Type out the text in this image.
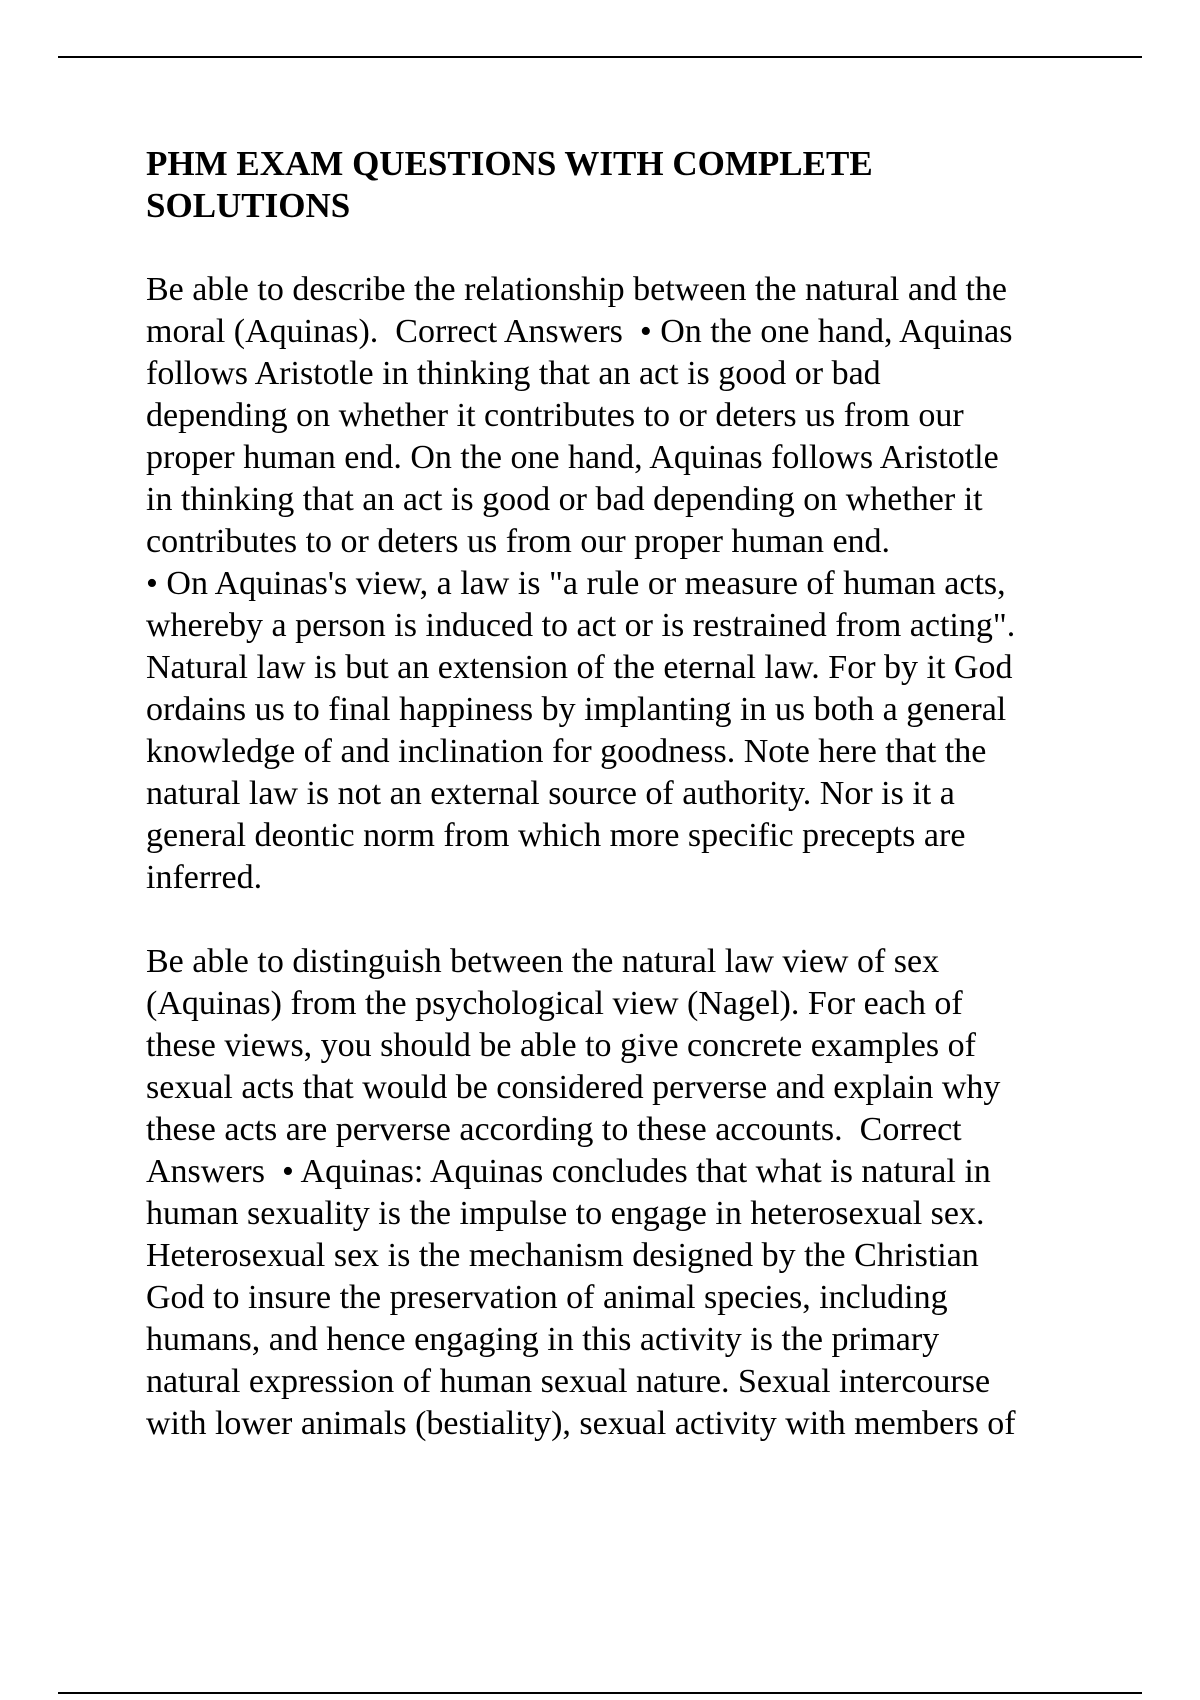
PHM EXAM QUESTIONS WITH COMPLETE
SOLUTIONS

Be able to describe the relationship between the natural and the
moral (Aquinas).  Correct Answers  • On the one hand, Aquinas
follows Aristotle in thinking that an act is good or bad
depending on whether it contributes to or deters us from our
proper human end. On the one hand, Aquinas follows Aristotle
in thinking that an act is good or bad depending on whether it
contributes to or deters us from our proper human end.
• On Aquinas's view, a law is "a rule or measure of human acts,
whereby a person is induced to act or is restrained from acting".
Natural law is but an extension of the eternal law. For by it God
ordains us to final happiness by implanting in us both a general
knowledge of and inclination for goodness. Note here that the
natural law is not an external source of authority. Nor is it a
general deontic norm from which more specific precepts are
inferred.

Be able to distinguish between the natural law view of sex
(Aquinas) from the psychological view (Nagel). For each of
these views, you should be able to give concrete examples of
sexual acts that would be considered perverse and explain why
these acts are perverse according to these accounts.  Correct
Answers  • Aquinas: Aquinas concludes that what is natural in
human sexuality is the impulse to engage in heterosexual sex.
Heterosexual sex is the mechanism designed by the Christian
God to insure the preservation of animal species, including
humans, and hence engaging in this activity is the primary
natural expression of human sexual nature. Sexual intercourse
with lower animals (bestiality), sexual activity with members of
